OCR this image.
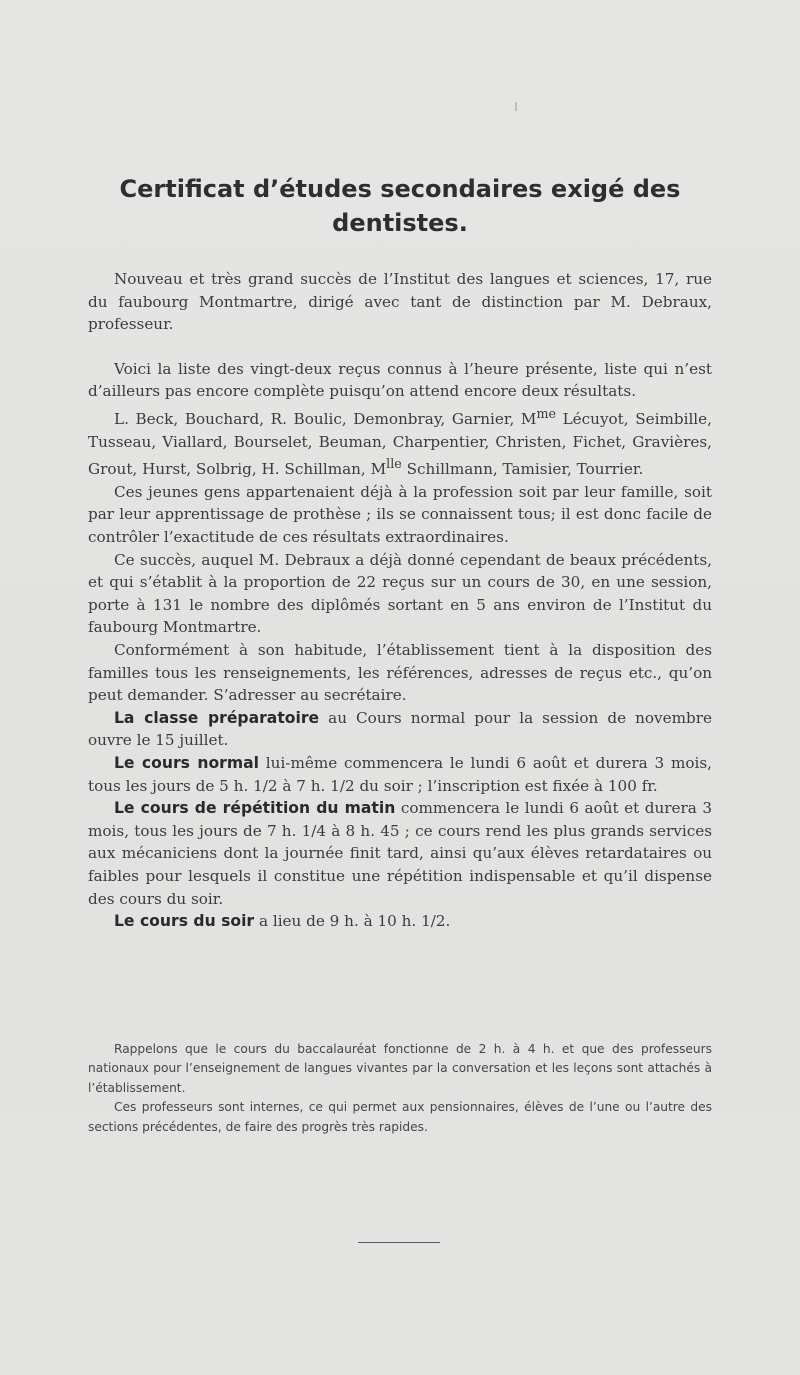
Certificat d’études secondaires exigé des dentistes.

Nouveau et très grand succès de l’Institut des langues et sciences, 17, rue du faubourg Montmartre, dirigé avec tant de distinction par M. Debraux, professeur.

Voici la liste des vingt-deux reçus connus à l’heure présente, liste qui n’est d’ailleurs pas encore complète puisqu’on attend encore deux résultats.

L. Beck, Bouchard, R. Boulic, Demonbray, Garnier, $M^{me}$ Lécuyot, Seimbille, Tusseau, Viallard, Bourselet, Beuman, Charpentier, Christen, Fichet, Gravières, Grout, Hurst, Solbrig, H. Schillman, $M^{lle}$ Schillmann, Tamisier, Tourrier.

Ces jeunes gens appartenaient déjà à la profession soit par leur famille, soit par leur apprentissage de prothèse ; ils se connaissent tous; il est donc facile de contrôler l’exactitude de ces résultats extraordinaires.

Ce succès, auquel M. Debraux a déjà donné cependant de beaux précédents, et qui s’établit à la proportion de 22 reçus sur un cours de 30, en une session, porte à 131 le nombre des diplômés sortant en 5 ans environ de l’Institut du faubourg Montmartre.

Conformément à son habitude, l’établissement tient à la disposition des familles tous les renseignements, les références, adresses de reçus etc., qu’on peut demander. S’adresser au secrétaire.

La classe préparatoire au Cours normal pour la session de novembre ouvre le 15 juillet.

Le cours normal lui-même commencera le lundi 6 août et durera 3 mois, tous les jours de 5 h. 1/2 à 7 h. 1/2 du soir ; l’inscription est fixée à 100 fr.

Le cours de répétition du matin commencera le lundi 6 août et durera 3 mois, tous les jours de 7 h. 1/4 à 8 h. 45 ; ce cours rend les plus grands services aux mécaniciens dont la journée finit tard, ainsi qu’aux élèves retardataires ou faibles pour lesquels il constitue une répétition indispensable et qu’il dispense des cours du soir.

Le cours du soir a lieu de 9 h. à 10 h. 1/2.

Rappelons que le cours du baccalauréat fonctionne de 2 h. à 4 h. et que des professeurs nationaux pour l’enseignement de langues vivantes par la conversation et les leçons sont attachés à l’établissement.

Ces professeurs sont internes, ce qui permet aux pensionnaires, élèves de l’une ou l’autre des sections précédentes, de faire des progrès très rapides.
